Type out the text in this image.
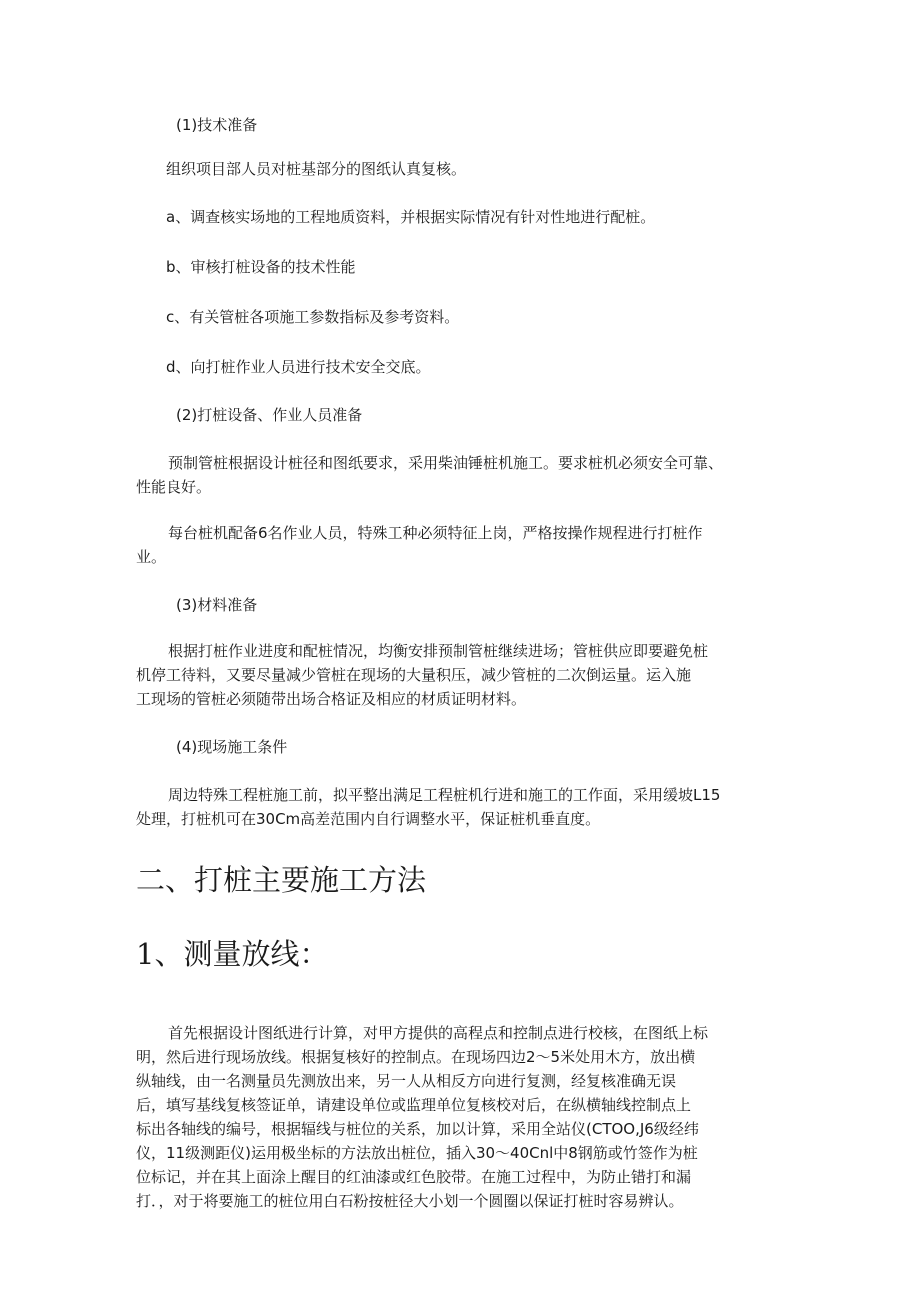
(1)技术准备

组织项目部人员对桩基部分的图纸认真复核。

a、调查核实场地的工程地质资料，并根据实际情况有针对性地进行配桩。

b、审核打桩设备的技术性能

c、有关管桩各项施工参数指标及参考资料。

d、向打桩作业人员进行技术安全交底。

(2)打桩设备、作业人员准备

预制管桩根据设计桩径和图纸要求，采用柴油锤桩机施工。要求桩机必须安全可靠、
性能良好。
每台桩机配备6名作业人员，特殊工种必须特征上岗，严格按操作规程进行打桩作
业。

(3)材料准备

根据打桩作业进度和配桩情况，均衡安排预制管桩继续进场；管桩供应即要避免桩
机停工待料，又要尽量减少管桩在现场的大量积压，减少管桩的二次倒运量。运入施
工现场的管桩必须随带出场合格证及相应的材质证明材料。

(4)现场施工条件

周边特殊工程桩施工前，拟平整出满足工程桩机行进和施工的工作面，采用缓坡L15
处理，打桩机可在30Cm高差范围内自行调整水平，保证桩机垂直度。
二、打桩主要施工方法
1、测量放线：
首先根据设计图纸进行计算，对甲方提供的高程点和控制点进行校核，在图纸上标
明，然后进行现场放线。根据复核好的控制点。在现场四边2～5米处用木方，放出横
纵轴线，由一名测量员先测放出来，另一人从相反方向进行复测，经复核准确无误
后，填写基线复核签证单，请建设单位或监理单位复核校对后，在纵横轴线控制点上
标出各轴线的编号，根据辐线与桩位的关系，加以计算，采用全站仪(CTOO,J6级经纬
仪，11级测距仪)运用极坐标的方法放出桩位，插入30～40Cnl中8钢筋或竹签作为桩
位标记，并在其上面涂上醒目的红油漆或红色胶带。在施工过程中，为防止错打和漏
打．，对于将要施工的桩位用白石粉按桩径大小划一个圆圈以保证打桩时容易辨认。
